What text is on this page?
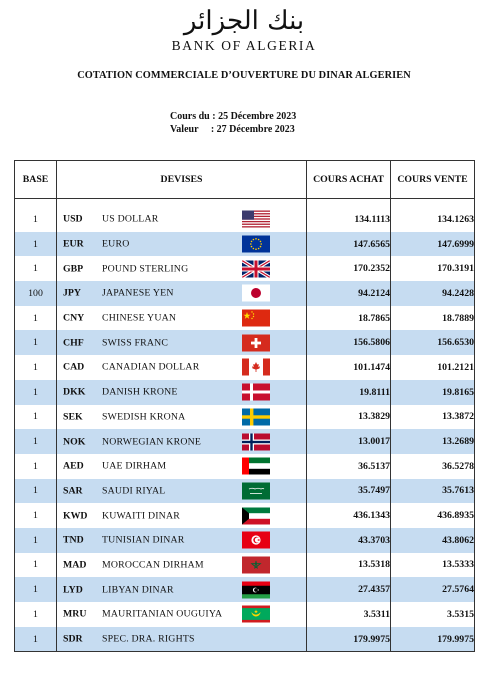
بنك الجزائر
BANK OF ALGERIA
COTATION COMMERCIALE D’OUVERTURE DU DINAR ALGERIEN
Cours du : 25 Décembre 2023
Valeur     : 27 Décembre 2023
BASE	DEVISES	COURS ACHAT	COURS VENTE

1	USD US DOLLAR	134.1113	134.1263
1	EUR EURO	147.6565	147.6999
1	GBP POUND STERLING	170.2352	170.3191
100	JPY JAPANESE YEN	94.2124	94.2428
1	CNY CHINESE YUAN	18.7865	18.7889
1	CHF SWISS FRANC	156.5806	156.6530
1	CAD CANADIAN DOLLAR	101.1474	101.2121
1	DKK DANISH KRONE	19.8111	19.8165
1	SEK SWEDISH KRONA	13.3829	13.3872
1	NOK NORWEGIAN KRONE	13.0017	13.2689
1	AED UAE DIRHAM	36.5137	36.5278
1	SAR SAUDI RIYAL	35.7497	35.7613
1	KWD KUWAITI DINAR	436.1343	436.8935
1	TND TUNISIAN DINAR	43.3703	43.8062
1	MAD MOROCCAN DIRHAM	13.5318	13.5333
1	LYD LIBYAN DINAR	27.4357	27.5764
1	MRU MAURITANIAN OUGUIYA	3.5311	3.5315
1	SDR SPEC. DRA. RIGHTS	179.9975	179.9975
